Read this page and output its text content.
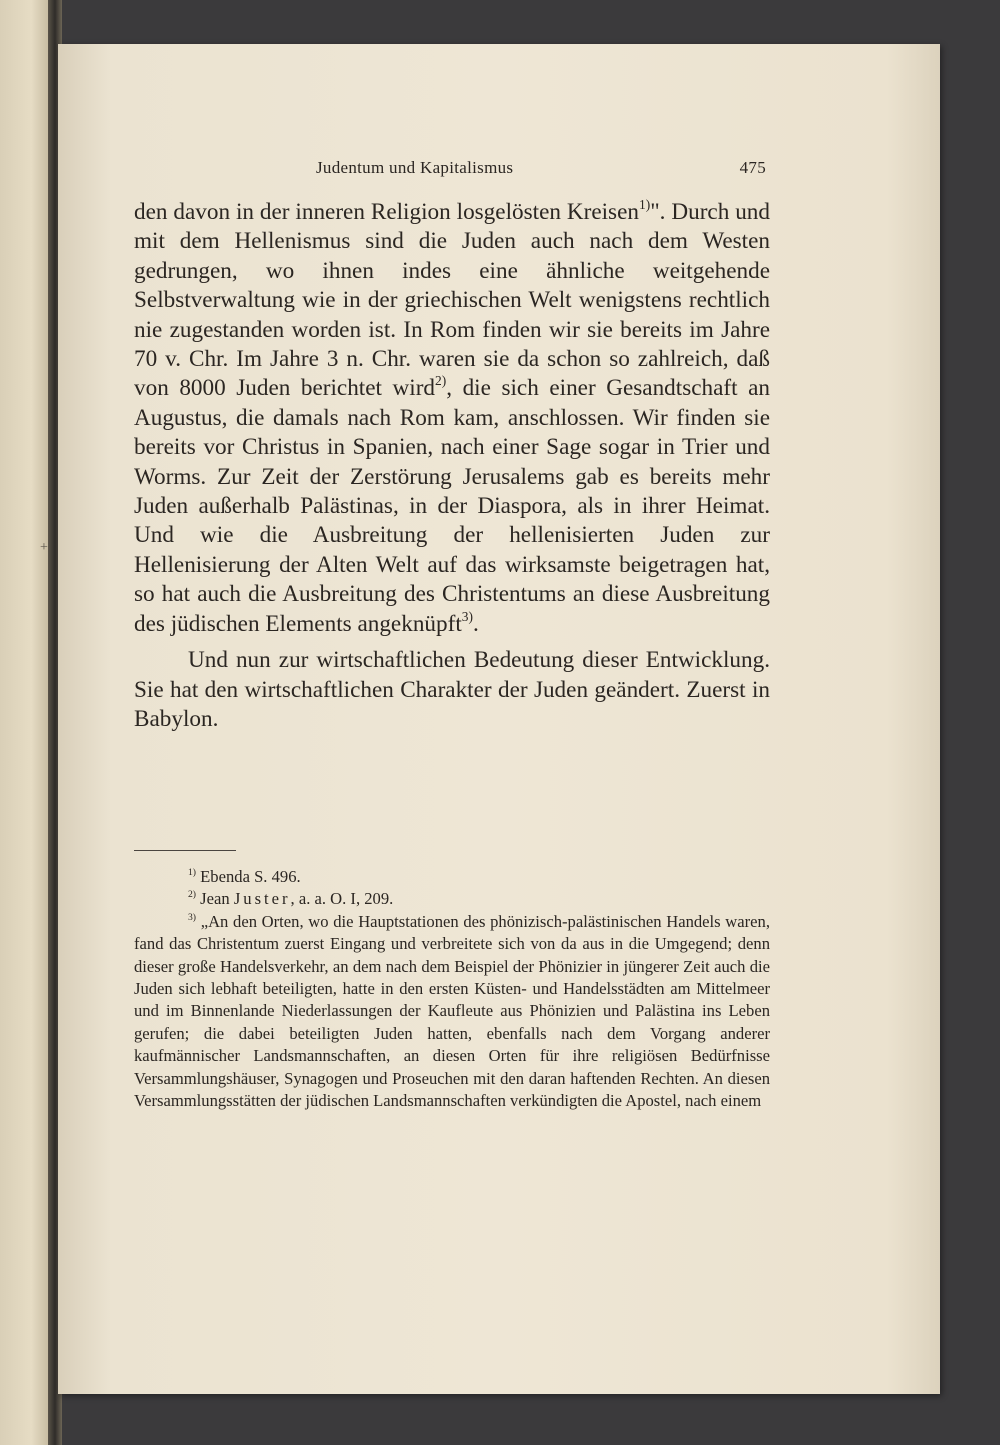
+
Judentum und Kapitalismus	475

den davon in der inneren Religion losgelösten Kreisen$^{1)}$". Durch und mit dem Hellenismus sind die Juden auch nach dem Westen gedrungen, wo ihnen indes eine ähnliche weitgehende Selbstverwaltung wie in der griechischen Welt wenigstens rechtlich nie zugestanden worden ist. In Rom finden wir sie bereits im Jahre 70 v. Chr. Im Jahre 3 n. Chr. waren sie da schon so zahlreich, daß von 8000 Juden berichtet wird$^{2)}$, die sich einer Gesandtschaft an Augustus, die damals nach Rom kam, anschlossen. Wir finden sie bereits vor Christus in Spanien, nach einer Sage sogar in Trier und Worms. Zur Zeit der Zerstörung Jerusalems gab es bereits mehr Juden außerhalb Palästinas, in der Diaspora, als in ihrer Heimat. Und wie die Ausbreitung der hellenisierten Juden zur Hellenisierung der Alten Welt auf das wirksamste beigetragen hat, so hat auch die Ausbreitung des Christentums an diese Ausbreitung des jüdischen Elements angeknüpft$^{3)}$.

Und nun zur wirtschaftlichen Bedeutung dieser Entwicklung. Sie hat den wirtschaftlichen Charakter der Juden geändert. Zuerst in Babylon.

$^{1)}$ Ebenda S. 496.

$^{2)}$ Jean Juster, a. a. O. I, 209.

$^{3)}$ „An den Orten, wo die Hauptstationen des phönizisch-palästinischen Handels waren, fand das Christentum zuerst Eingang und verbreitete sich von da aus in die Umgegend; denn dieser große Handelsverkehr, an dem nach dem Beispiel der Phönizier in jüngerer Zeit auch die Juden sich lebhaft beteiligten, hatte in den ersten Küsten- und Handelsstädten am Mittelmeer und im Binnenlande Niederlassungen der Kaufleute aus Phönizien und Palästina ins Leben gerufen; die dabei beteiligten Juden hatten, ebenfalls nach dem Vorgang anderer kaufmännischer Landsmannschaften, an diesen Orten für ihre religiösen Bedürfnisse Versammlungshäuser, Synagogen und Proseuchen mit den daran haftenden Rechten. An diesen Versammlungsstätten der jüdischen Landsmannschaften verkündigten die Apostel, nach einem
